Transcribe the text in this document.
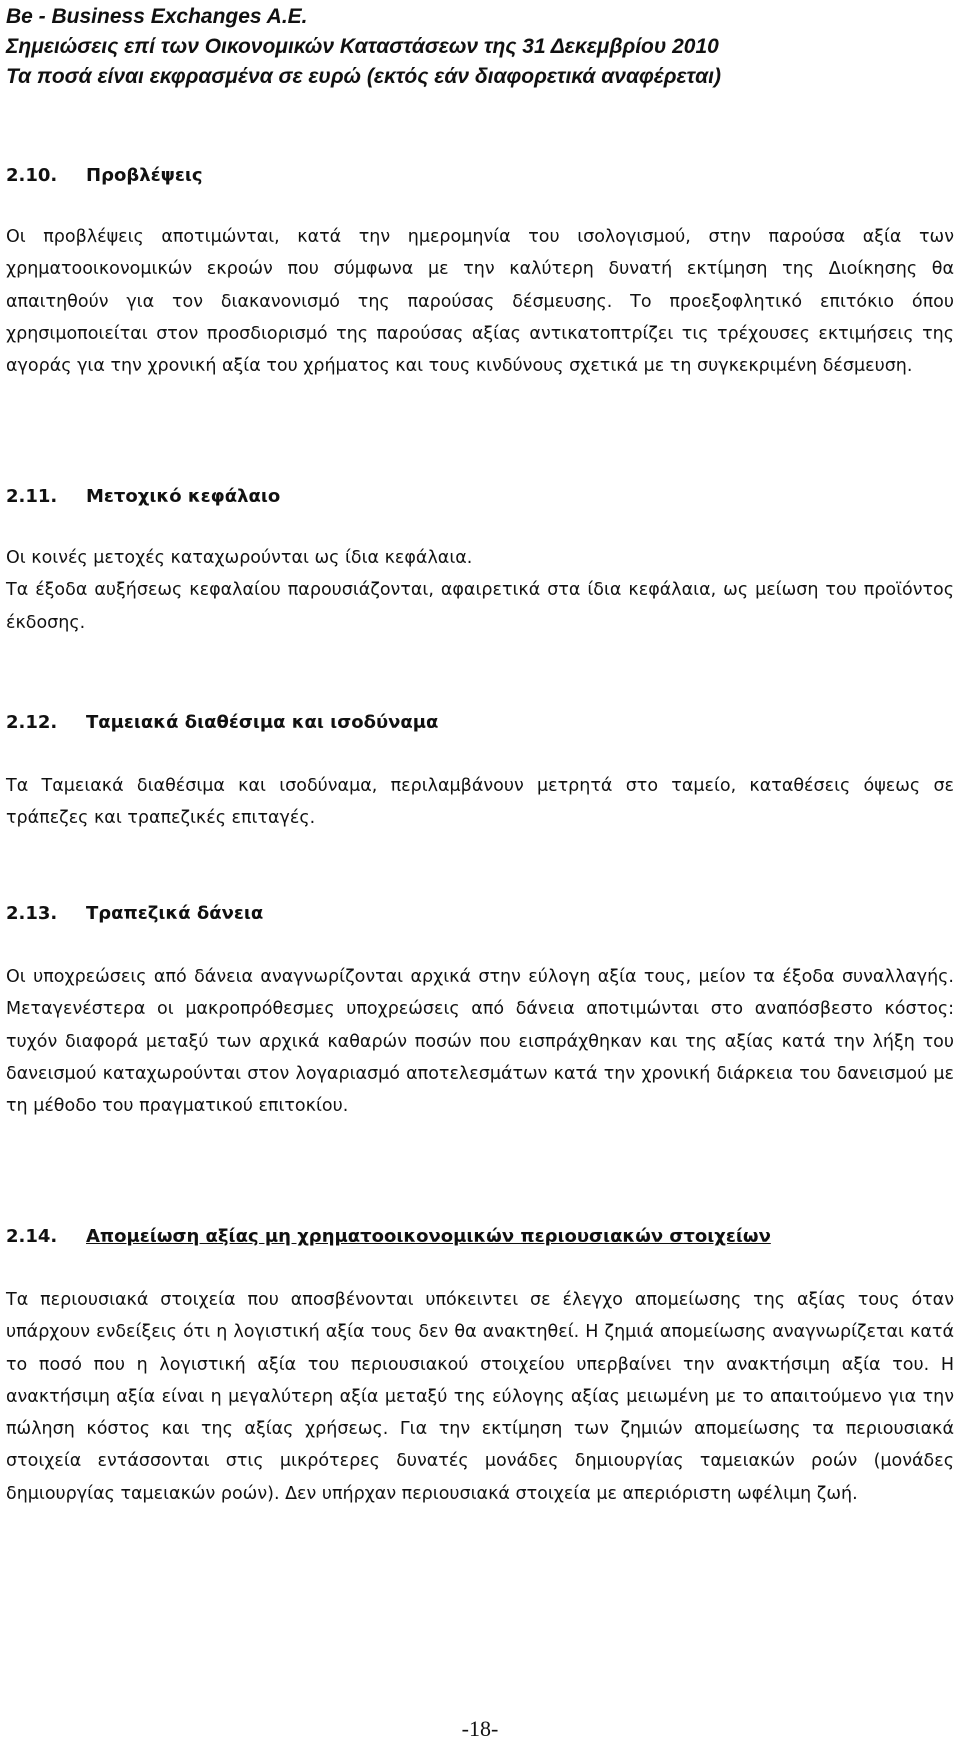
Be - Business Exchanges A.E.
Σημειώσεις επί των Οικονομικών Καταστάσεων της 31 Δεκεμβρίου 2010
Τα ποσά είναι εκφρασμένα σε ευρώ (εκτός εάν διαφορετικά αναφέρεται)
2.10. Προβλέψεις

Οι προβλέψεις αποτιμώνται, κατά την ημερομηνία του ισολογισμού, στην παρούσα αξία των χρηματοοικονομικών εκροών που σύμφωνα με την καλύτερη δυνατή εκτίμηση της Διοίκησης θα απαιτηθούν για τον διακανονισμό της παρούσας δέσμευσης. Το προεξοφλητικό επιτόκιο όπου χρησιμοποιείται στον προσδιορισμό της παρούσας αξίας αντικατοπτρίζει τις τρέχουσες εκτιμήσεις της αγοράς για την χρονική αξία του χρήματος και τους κινδύνους σχετικά με τη συγκεκριμένη δέσμευση.

2.11. Μετοχικό κεφάλαιο

Οι κοινές μετοχές καταχωρούνται ως ίδια κεφάλαια.

Τα έξοδα αυξήσεως κεφαλαίου παρουσιάζονται, αφαιρετικά στα ίδια κεφάλαια, ως μείωση του προϊόντος έκδοσης.

2.12. Ταμειακά διαθέσιμα και ισοδύναμα

Τα Ταμειακά διαθέσιμα και ισοδύναμα, περιλαμβάνουν μετρητά στο ταμείο, καταθέσεις όψεως σε τράπεζες και τραπεζικές επιταγές.

2.13. Τραπεζικά δάνεια

Οι υποχρεώσεις από δάνεια αναγνωρίζονται αρχικά στην εύλογη αξία τους, μείον τα έξοδα συναλλαγής. Μεταγενέστερα οι μακροπρόθεσμες υποχρεώσεις από δάνεια αποτιμώνται στο αναπόσβεστο κόστος: τυχόν διαφορά μεταξύ των αρχικά καθαρών ποσών που εισπράχθηκαν και της αξίας κατά την λήξη του δανεισμού καταχωρούνται στον λογαριασμό αποτελεσμάτων κατά την χρονική διάρκεια του δανεισμού με τη μέθοδο του πραγματικού επιτοκίου.

2.14. Απομείωση αξίας μη χρηματοοικονομικών περιουσιακών στοιχείων

Τα περιουσιακά στοιχεία που αποσβένονται υπόκειντει σε έλεγχο απομείωσης της αξίας τους όταν υπάρχουν ενδείξεις ότι η λογιστική αξία τους δεν θα ανακτηθεί. Η ζημιά απομείωσης αναγνωρίζεται κατά το ποσό που η λογιστική αξία του περιουσιακού στοιχείου υπερβαίνει την ανακτήσιμη αξία του. Η ανακτήσιμη αξία είναι η μεγαλύτερη αξία μεταξύ της εύλογης αξίας μειωμένη με το απαιτούμενο για την πώληση κόστος και της αξίας χρήσεως. Για την εκτίμηση των ζημιών απομείωσης τα περιουσιακά στοιχεία εντάσσονται στις μικρότερες δυνατές μονάδες δημιουργίας ταμειακών ροών (μονάδες δημιουργίας ταμειακών ροών). Δεν υπήρχαν περιουσιακά στοιχεία με απεριόριστη ωφέλιμη ζωή.

-18-
